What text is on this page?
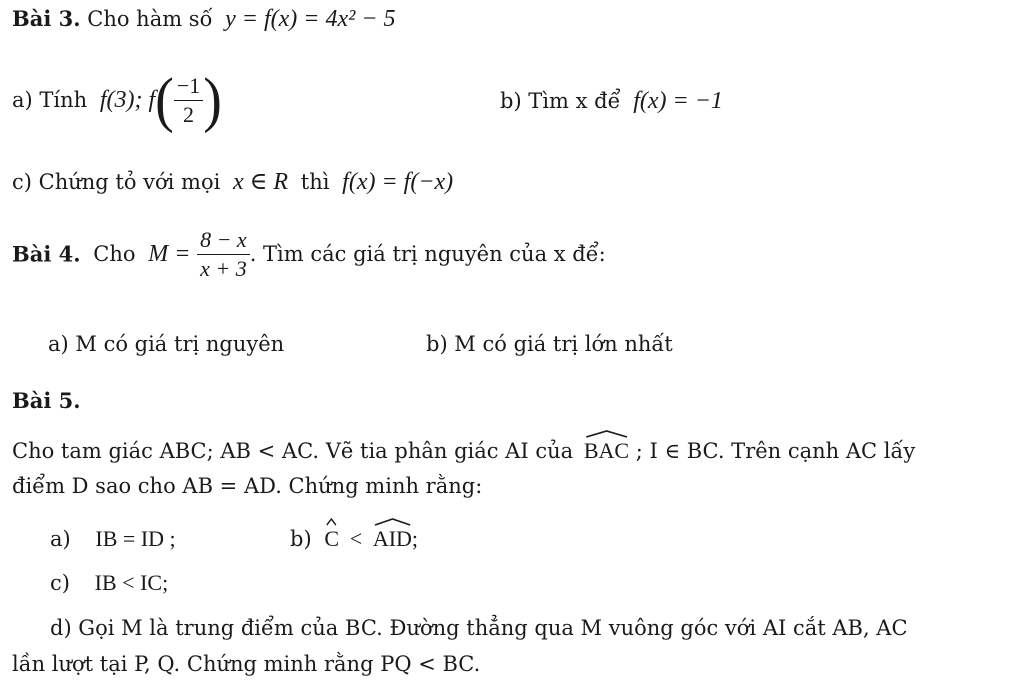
Bài 3. Cho hàm số y = f(x) = 4x² − 5
a) Tính f(3); $f( \frac{-1}{2}$ )	b) Tìm x để f(x) = −1
c) Chứng tỏ với mọi x ∈ R thì f(x) = f(−x)
Bài 4. Cho $M = \frac{8 - x}{x + 3}$ . Tìm các giá trị nguyên của x để:
a) M có giá trị nguyên	b) M có giá trị lớn nhất
Bài 5.
Cho tam giác ABC; AB < AC. Vẽ tia phân giác AI của BAC ; I ∈ BC. Trên cạnh AC lấy
điểm D sao cho AB = AD. Chứng minh rằng:
a) IB = ID ;	b) C < AID;
c) IB < IC;
d) Gọi M là trung điểm của BC. Đường thẳng qua M vuông góc với AI cắt AB, AC
lần lượt tại P, Q. Chứng minh rằng PQ < BC.
